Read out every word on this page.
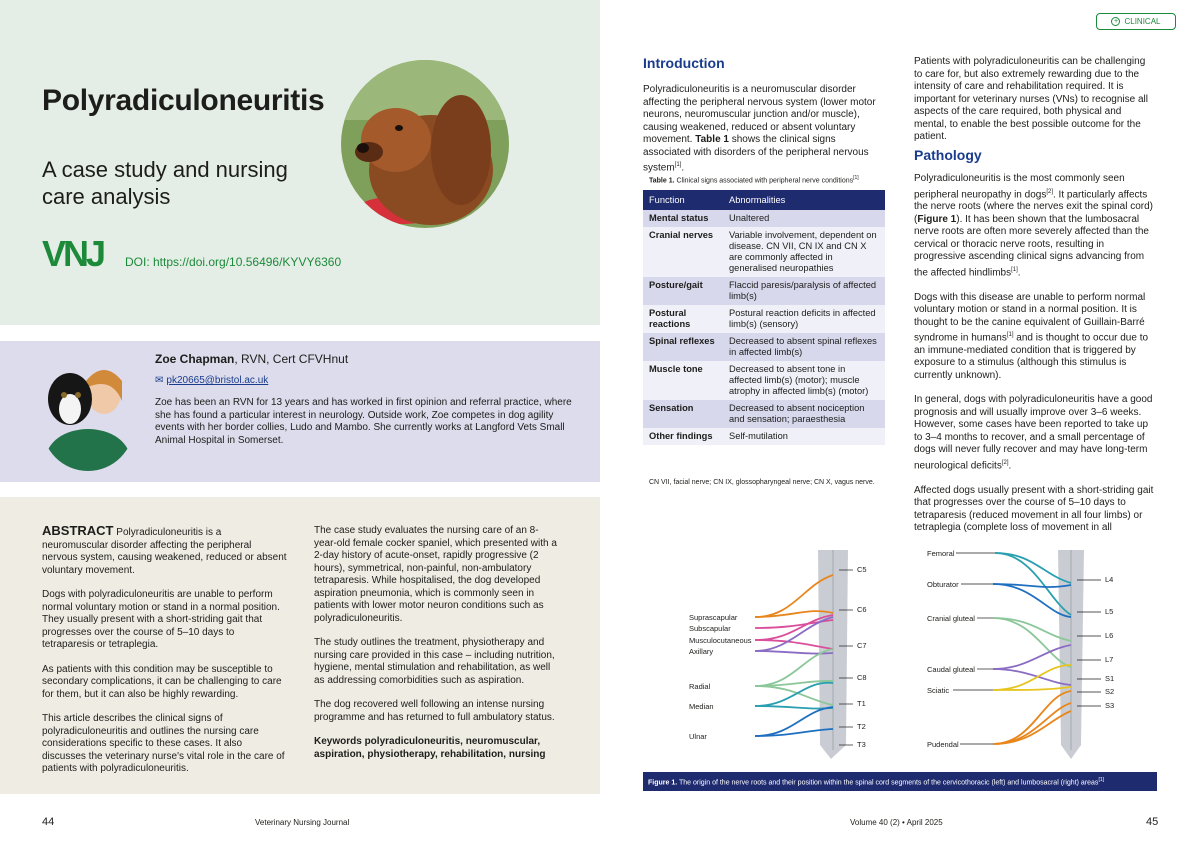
Polyradiculoneuritis
A case study and nursing care analysis
VNJ DOI: https://doi.org/10.56496/KYVY6360
Zoe Chapman, RVN, Cert CFVHnut
✉ pk20665@bristol.ac.uk
Zoe has been an RVN for 13 years and has worked in first opinion and referral practice, where she has found a particular interest in neurology. Outside work, Zoe competes in dog agility events with her border collies, Ludo and Mambo. She currently works at Langford Vets Small Animal Hospital in Somerset.

ABSTRACT Polyradiculoneuritis is a neuromuscular disorder affecting the peripheral nervous system, causing weakened, reduced or absent voluntary movement.

Dogs with polyradiculoneuritis are unable to perform normal voluntary motion or stand in a normal position. They usually present with a short-striding gait that progresses over the course of 5–10 days to tetraparesis or tetraplegia.

As patients with this condition may be susceptible to secondary complications, it can be challenging to care for them, but it can also be highly rewarding.

This article describes the clinical signs of polyradiculoneuritis and outlines the nursing care considerations specific to these cases. It also discusses the veterinary nurse's vital role in the care of patients with polyradiculoneuritis.

The case study evaluates the nursing care of an 8-year-old female cocker spaniel, which presented with a 2-day history of acute-onset, rapidly progressive (2 hours), symmetrical, non-painful, non-ambulatory tetraparesis. While hospitalised, the dog developed aspiration pneumonia, which is commonly seen in patients with lower motor neuron conditions such as polyradiculoneuritis.

The study outlines the treatment, physiotherapy and nursing care provided in this case – including nutrition, hygiene, mental stimulation and rehabilitation, as well as addressing comorbidities such as aspiration.

The dog recovered well following an intense nursing programme and has returned to full ambulatory status.

Keywords polyradiculoneuritis, neuromuscular, aspiration, physiotherapy, rehabilitation, nursing

44	Veterinary Nursing Journal
+ CLINICAL
Introduction
Polyradiculoneuritis is a neuromuscular disorder affecting the peripheral nervous system (lower motor neurons, neuromuscular junction and/or muscle), causing weakened, reduced or absent voluntary movement. Table 1 shows the clinical signs associated with disorders of the peripheral nervous system[1].
Table 1. Clinical signs associated with peripheral nerve conditions[1]
Function	Abnormalities
Mental status	Unaltered
Cranial nerves	Variable involvement, dependent on disease. CN VII, CN IX and CN X are commonly affected in generalised neuropathies
Posture/gait	Flaccid paresis/paralysis of affected limb(s)
Postural reactions	Postural reaction deficits in affected limb(s) (sensory)
Spinal reflexes	Decreased to absent spinal reflexes in affected limb(s)
Muscle tone	Decreased to absent tone in affected limb(s) (motor); muscle atrophy in affected limb(s) (motor)
Sensation	Decreased to absent nociception and sensation; paraesthesia
Other findings	Self-mutilation
CN VII, facial nerve; CN IX, glossopharyngeal nerve; CN X, vagus nerve.
Patients with polyradiculoneuritis can be challenging to care for, but also extremely rewarding due to the intensity of care and rehabilitation required. It is important for veterinary nurses (VNs) to recognise all aspects of the care required, both physical and mental, to enable the best possible outcome for the patient.
Pathology

Polyradiculoneuritis is the most commonly seen peripheral neuropathy in dogs[2]. It particularly affects the nerve roots (where the nerves exit the spinal cord) (Figure 1). It has been shown that the lumbosacral nerve roots are often more severely affected than the cervical or thoracic nerve roots, resulting in progressive ascending clinical signs advancing from the affected hindlimbs[1].

Dogs with this disease are unable to perform normal voluntary motion or stand in a normal position. It is thought to be the canine equivalent of Guillain-Barré syndrome in humans[1] and is thought to occur due to an immune-mediated condition that is triggered by exposure to a stimulus (although this stimulus is currently unknown).

In general, dogs with polyradiculoneuritis have a good prognosis and will usually improve over 3–6 weeks. However, some cases have been reported to take up to 3–4 months to recover, and a small percentage of dogs will never fully recover and may have long-term neurological deficits[2].

Affected dogs usually present with a short-striding gait that progresses over the course of 5–10 days to tetraparesis (reduced movement in all four limbs) or tetraplegia (complete loss of movement in all

C5
C6
C7
C8
T1
T2
T3
Suprascapular
Subscapular
Musculocutaneous
Axillary
Radial
Median
Ulnar
L4
L5
L6
L7
S1
S2
S3
Femoral
Obturator
Cranial gluteal
Caudal gluteal
Sciatic
Pudendal
Figure 1. The origin of the nerve roots and their position within the spinal cord segments of the cervicothoracic (left) and lumbosacral (right) areas[1]
Volume 40 (2) • April 2025	45
